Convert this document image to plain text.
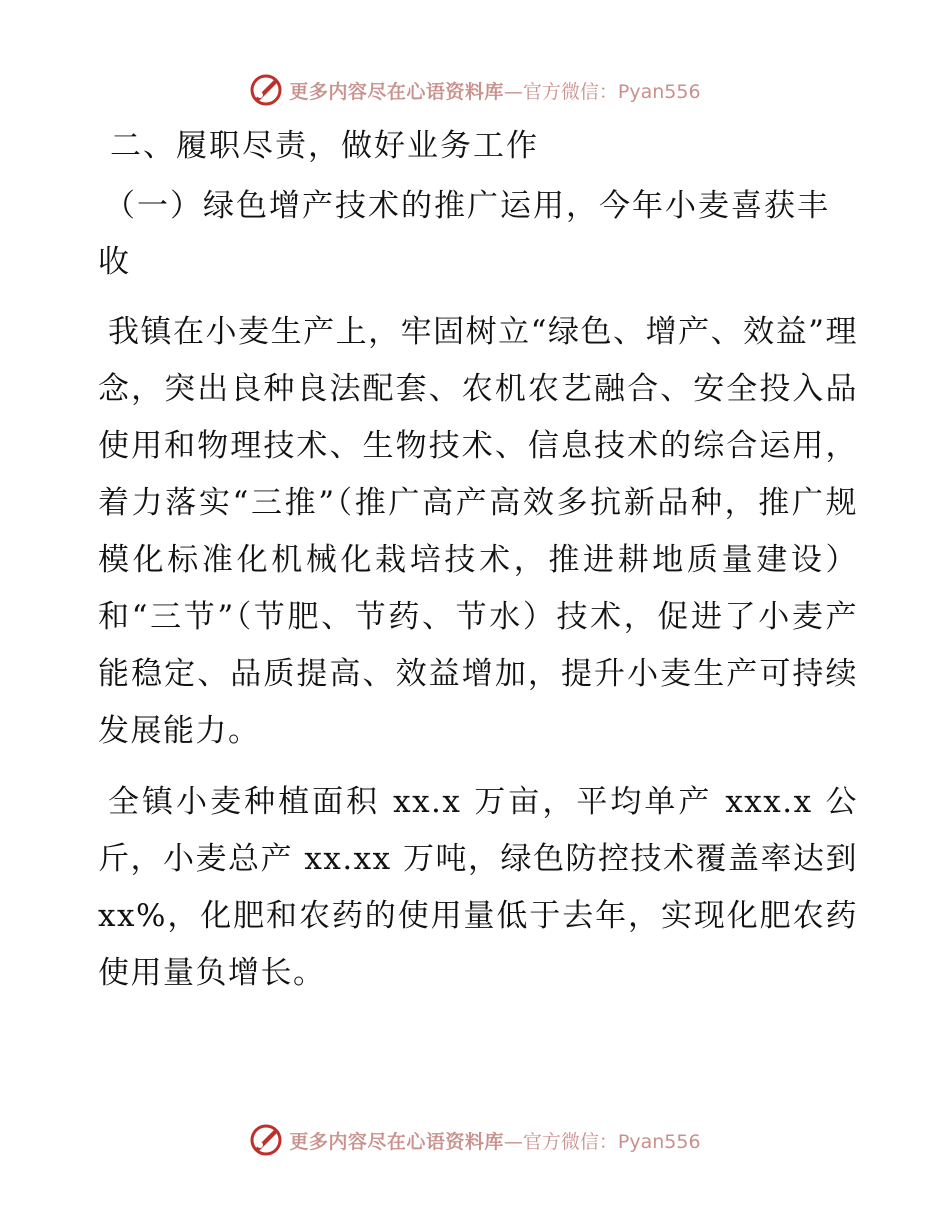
更多内容尽在心语资料库 —官方微信：Pyan556
二、履职尽责，做好业务工作
（一）绿色增产技术的推广运用，今年小麦喜获丰收

我镇在小麦生产上，牢固树立“绿色、增产、效益”理念，突出良种良法配套、农机农艺融合、安全投入品使用和物理技术、生物技术、信息技术的综合运用，着力落实“三推”（推广高产高效多抗新品种，推广规模化标准化机械化栽培技术，推进耕地质量建设）和“三节”（节肥、节药、节水）技术，促进了小麦产能稳定、品质提高、效益增加，提升小麦生产可持续发展能力。

全镇小麦种植面积 xx.x 万亩，平均单产 xxx.x 公斤，小麦总产 xx.xx 万吨，绿色防控技术覆盖率达到 xx%，化肥和农药的使用量低于去年，实现化肥农药使用量负增长。

更多内容尽在心语资料库 —官方微信：Pyan556
